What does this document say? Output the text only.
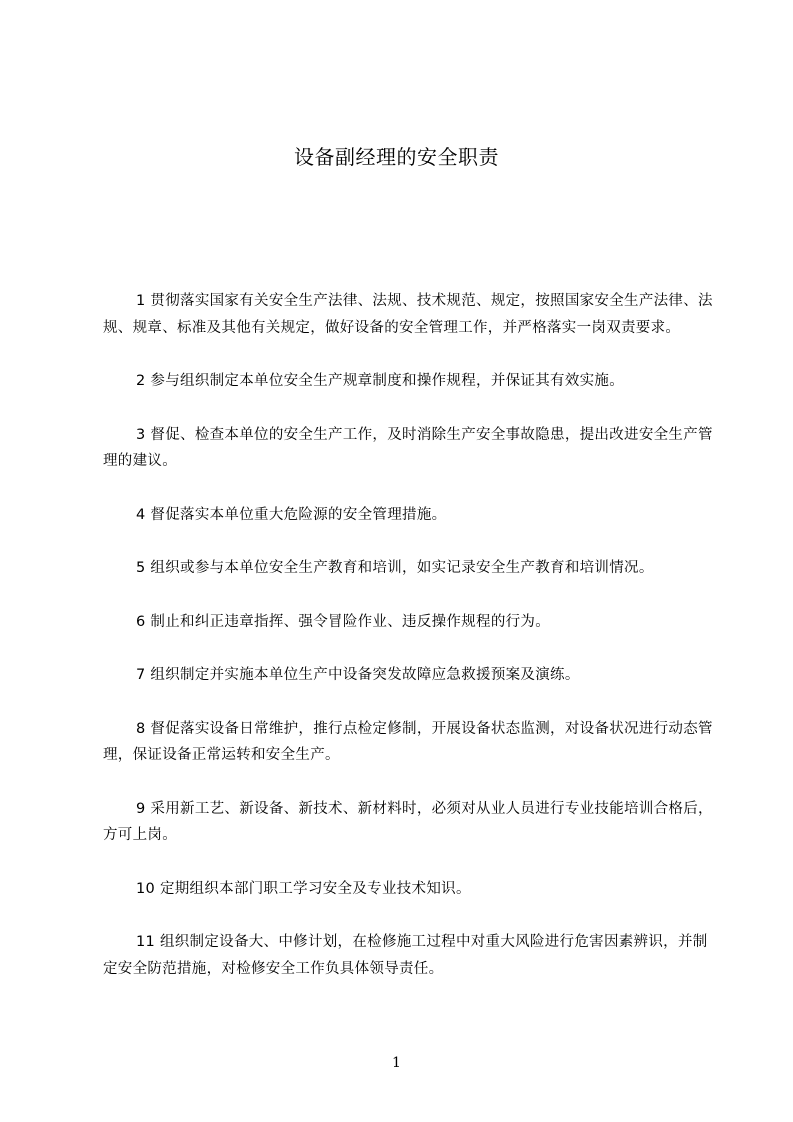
设备副经理的安全职责

1 贯彻落实国家有关安全生产法律、法规、技术规范、规定，按照国家安全生产法律、法规、规章、标准及其他有关规定，做好设备的安全管理工作，并严格落实一岗双责要求。

2 参与组织制定本单位安全生产规章制度和操作规程，并保证其有效实施。

3 督促、检查本单位的安全生产工作，及时消除生产安全事故隐患，提出改进安全生产管理的建议。

4 督促落实本单位重大危险源的安全管理措施。

5 组织或参与本单位安全生产教育和培训，如实记录安全生产教育和培训情况。

6 制止和纠正违章指挥、强令冒险作业、违反操作规程的行为。

7 组织制定并实施本单位生产中设备突发故障应急救援预案及演练。

8 督促落实设备日常维护，推行点检定修制，开展设备状态监测，对设备状况进行动态管理，保证设备正常运转和安全生产。

9 采用新工艺、新设备、新技术、新材料时，必须对从业人员进行专业技能培训合格后，方可上岗。

10 定期组织本部门职工学习安全及专业技术知识。

11 组织制定设备大、中修计划，在检修施工过程中对重大风险进行危害因素辨识，并制定安全防范措施，对检修安全工作负具体领导责任。

1
